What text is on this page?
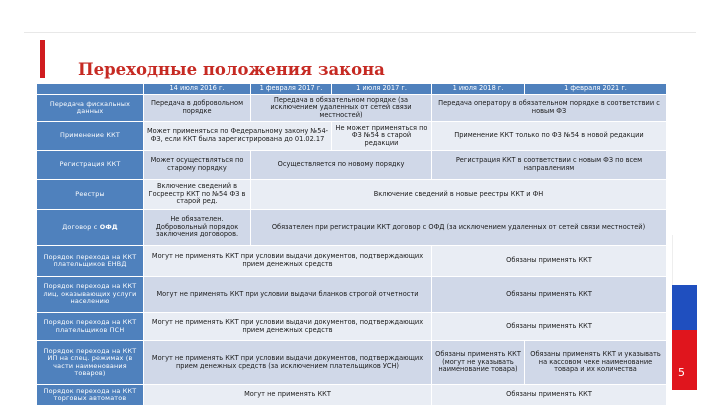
Переходные положения закона
5
	14 июля 2016 г.	1 февраля 2017 г.	1 июля 2017 г.	1 июля 2018 г.	1 февраля 2021 г.
Передача фискальных данных	Передача в добровольном порядке	Передача в обязательном порядке (за исключением удаленных от сетей связи местностей)		Передача оператору в обязательном порядке в соответствии с новым ФЗ	
Применение ККТ	Может применяться по Федеральному закону №54-ФЗ, если ККТ была зарегистрирована до 01.02.17		Не может применяться по ФЗ №54 в старой редакции	Применение ККТ только по ФЗ №54 в новой редакции	
Регистрация ККТ	Может осуществляться по старому порядку	Осуществляется по новому порядку		Регистрация ККТ в соответствии с новым ФЗ по всем направлениям	
Реестры	Включение сведений в Госреестр ККТ по №54 ФЗ в старой ред.	Включение сведений в новые реестры ККТ и ФН			
Договор с ОФД	Не обязателен. Добровольный порядок заключения договоров.	Обязателен при регистрации ККТ договор с ОФД (за исключением удаленных от сетей связи местностей)			
Порядок перехода на ККТ плательщиков ЕНВД	Могут не применять ККТ при условии выдачи документов, подтверждающих прием денежных средств			Обязаны применять ККТ	
Порядок перехода на ККТ лиц, оказывающих услуги населению	Могут не применять ККТ при условии выдачи бланков строгой отчетности			Обязаны применять ККТ	
Порядок перехода на ККТ плательщиков ПСН	Могут не применять ККТ при условии выдачи документов, подтверждающих прием денежных средств			Обязаны применять ККТ	
Порядок перехода на ККТ ИП на спец. режимах (в части наименования товаров)	Могут не применять ККТ при условии выдачи документов, подтверждающих прием денежных средств (за исключением плательщиков УСН)			Обязаны применять ККТ (могут не указывать наименование товара)	Обязаны применять ККТ и указывать на кассовом чеке наименование товара и их количества
Порядок перехода на ККТ торговых автоматов	Могут не применять ККТ			Обязаны применять ККТ	
